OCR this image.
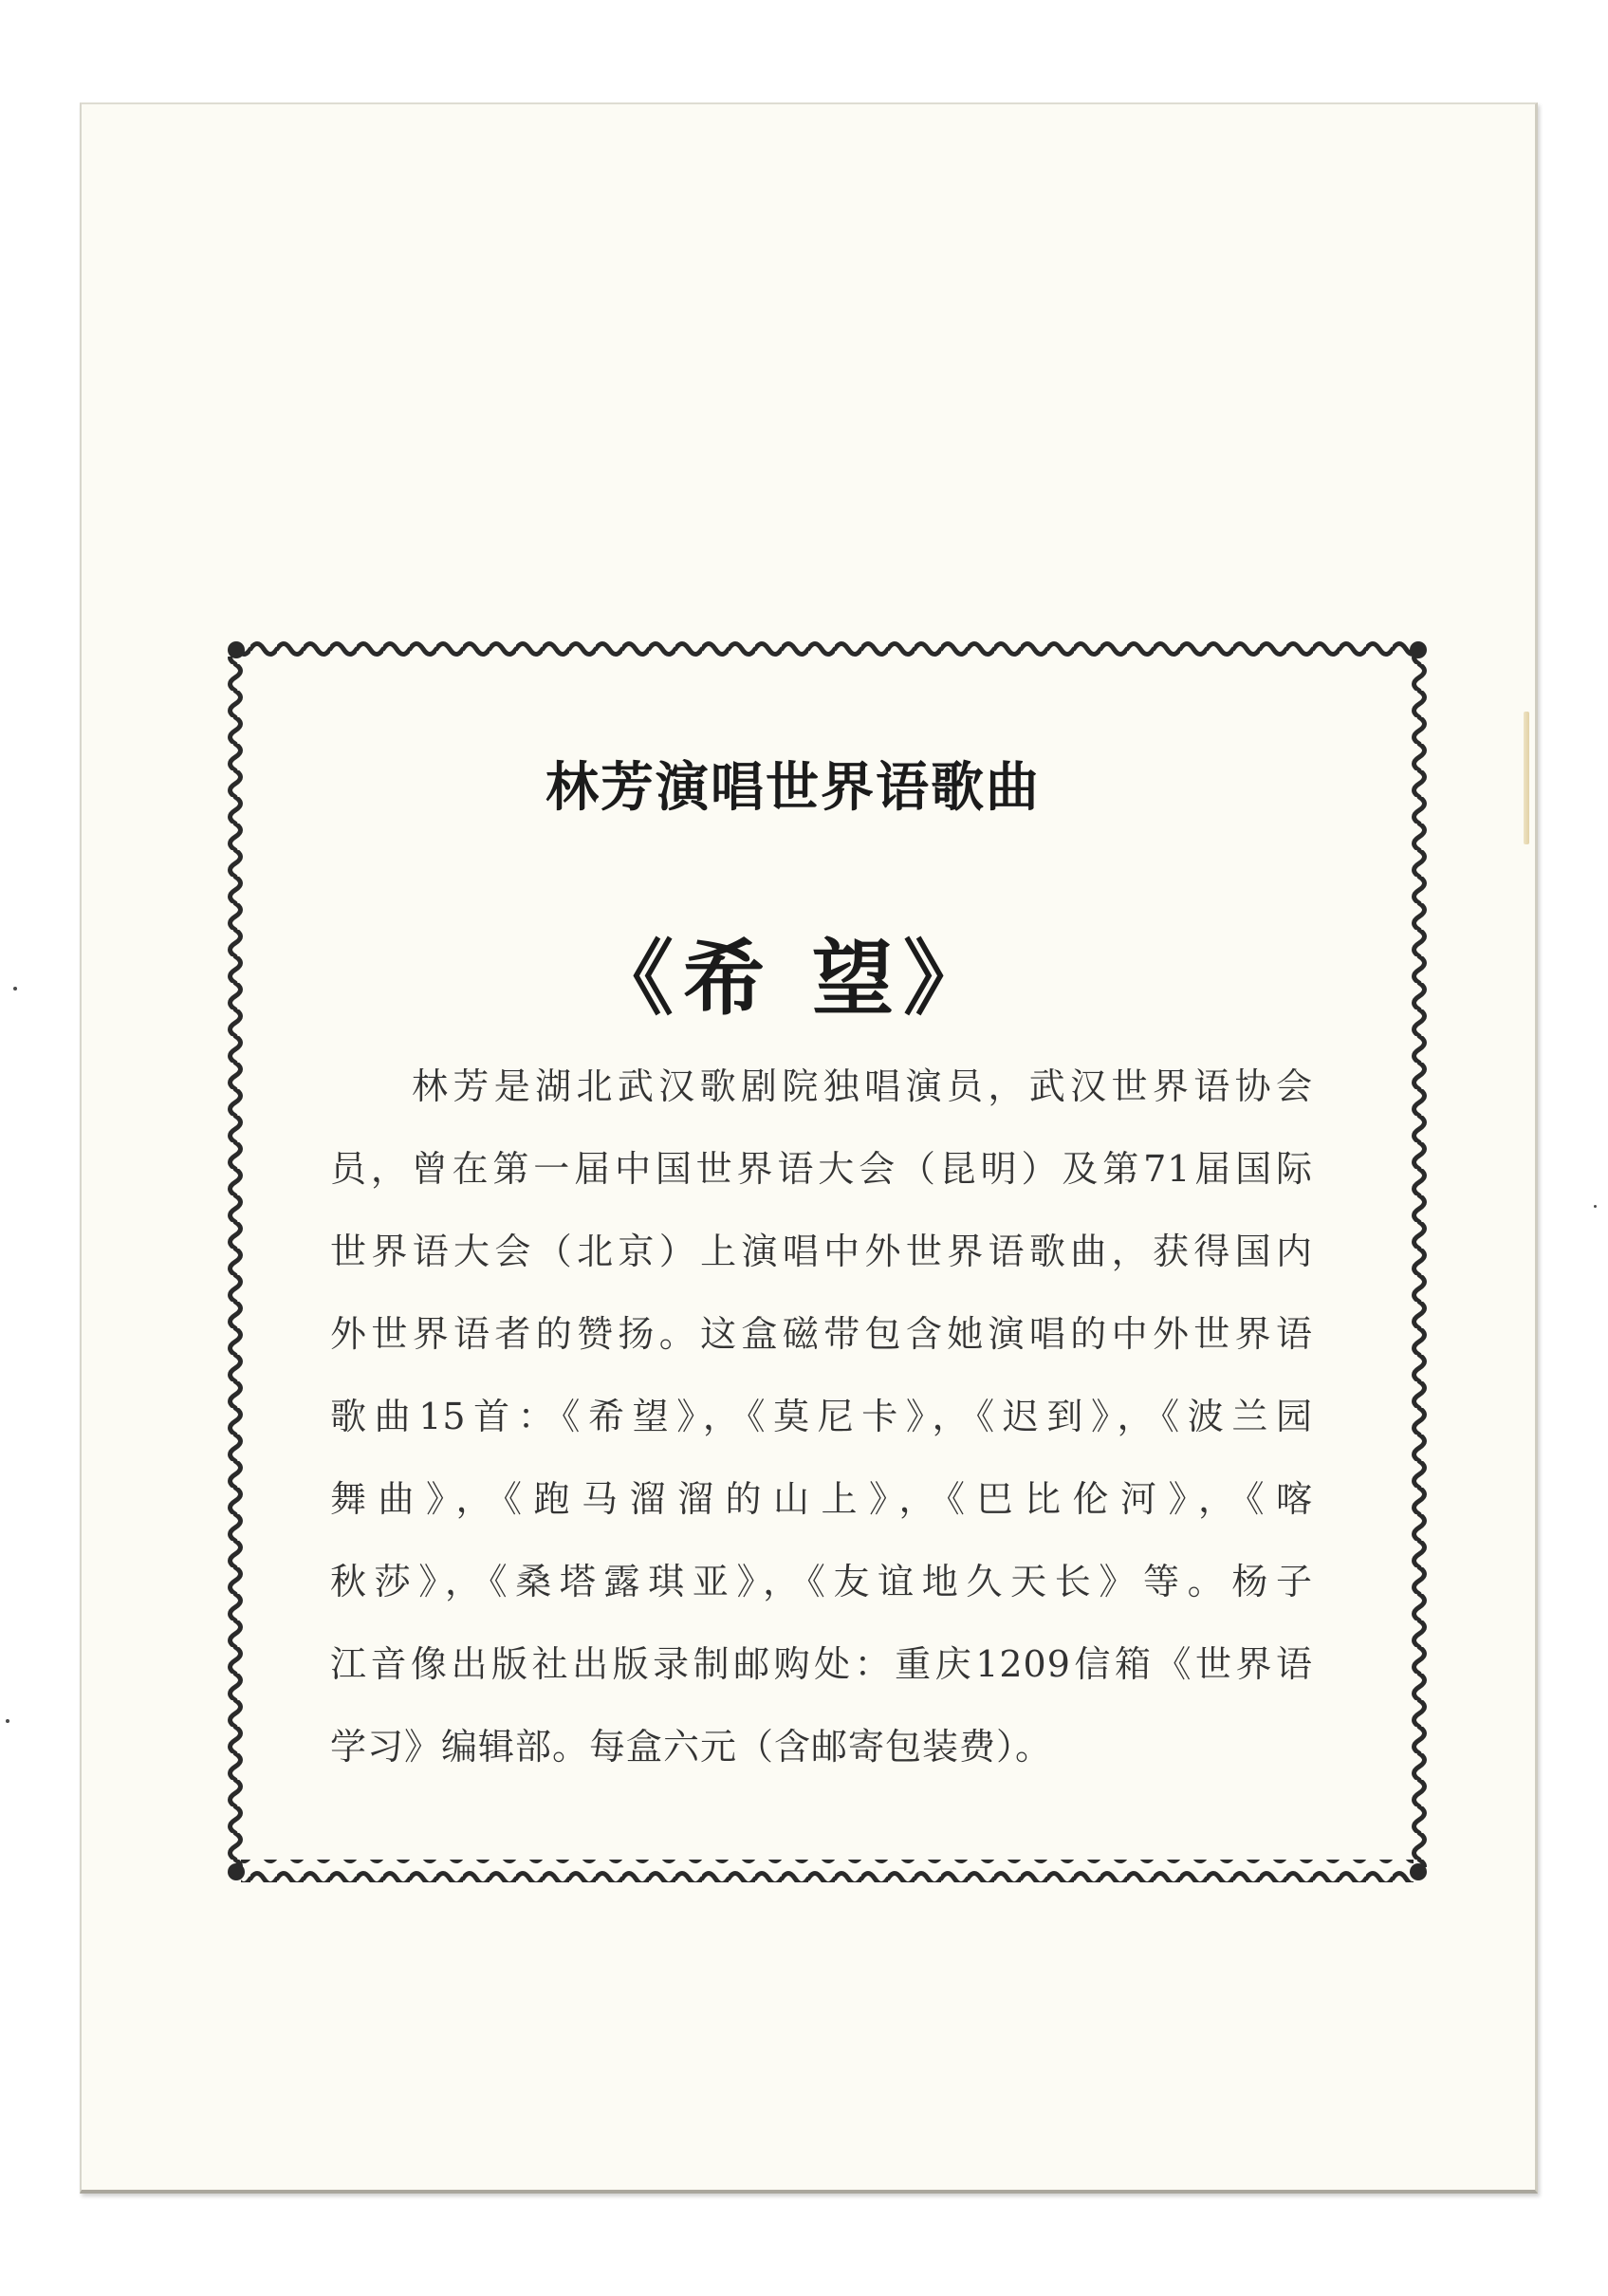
林芳演唱世界语歌曲
《希 望》
林芳是湖北武汉歌剧院独唱演员，武汉世界语协会
员，曾在第一届中国世界语大会（昆明）及第71届国际
世界语大会（北京）上演唱中外世界语歌曲，获得国内
外世界语者的赞扬。这盒磁带包含她演唱的中外世界语
歌曲15首：《希望》，《莫尼卡》，《迟到》，《波兰园
舞曲》，《跑马溜溜的山上》，《巴比伦河》，《喀
秋莎》，《桑塔露琪亚》，《友谊地久天长》等。杨子
江音像出版社出版录制邮购处：重庆1209信箱《世界语
学习》编辑部。每盒六元（含邮寄包装费）。
